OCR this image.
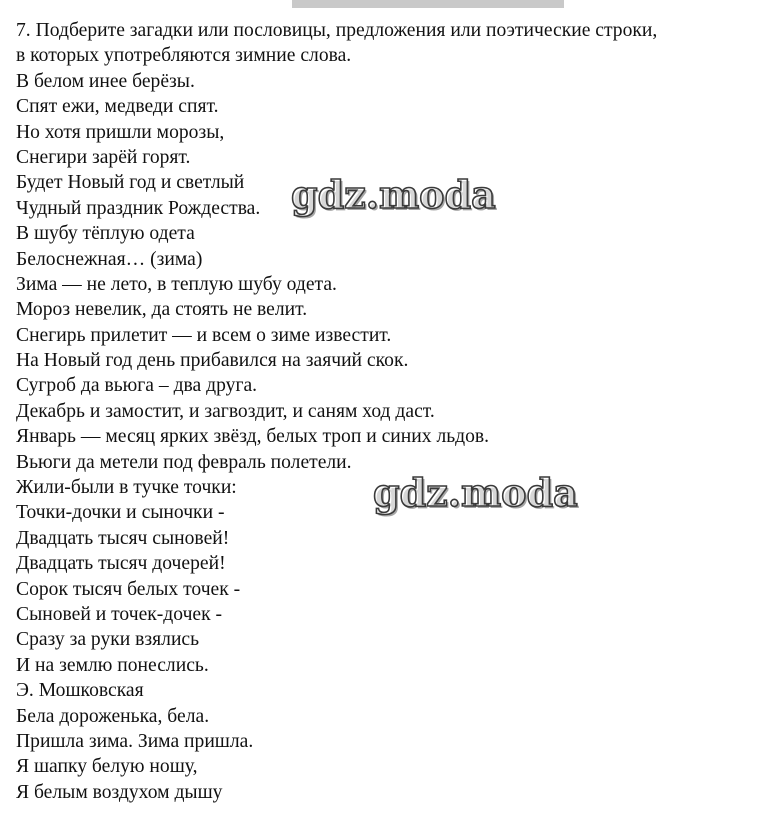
7. Подберите загадки или пословицы, предложения или поэтические строки,
в которых употребляются зимние слова.
В белом инее берёзы.
Спят ежи, медведи спят.
Но хотя пришли морозы,
Снегири зарёй горят.
Будет Новый год и светлый
Чудный праздник Рождества.
В шубу тёплую одета
Белоснежная… (зима)
Зима — не лето, в теплую шубу одета.
Мороз невелик, да стоять не велит.
Снегирь прилетит — и всем о зиме известит.
На Новый год день прибавился на заячий скок.
Сугроб да вьюга – два друга.
Декабрь и замостит, и загвоздит, и саням ход даст.
Январь — месяц ярких звёзд, белых троп и синих льдов.
Вьюги да метели под февраль полетели.
Жили-были в тучке точки:
Точки-дочки и сыночки -
Двадцать тысяч сыновей!
Двадцать тысяч дочерей!
Сорок тысяч белых точек -
Сыновей и точек-дочек -
Сразу за руки взялись
И на землю понеслись.
Э. Мошковская
Бела дороженька, бела.
Пришла зима. Зима пришла.
Я шапку белую ношу,
Я белым воздухом дышу
gdz.moda
gdz.moda
